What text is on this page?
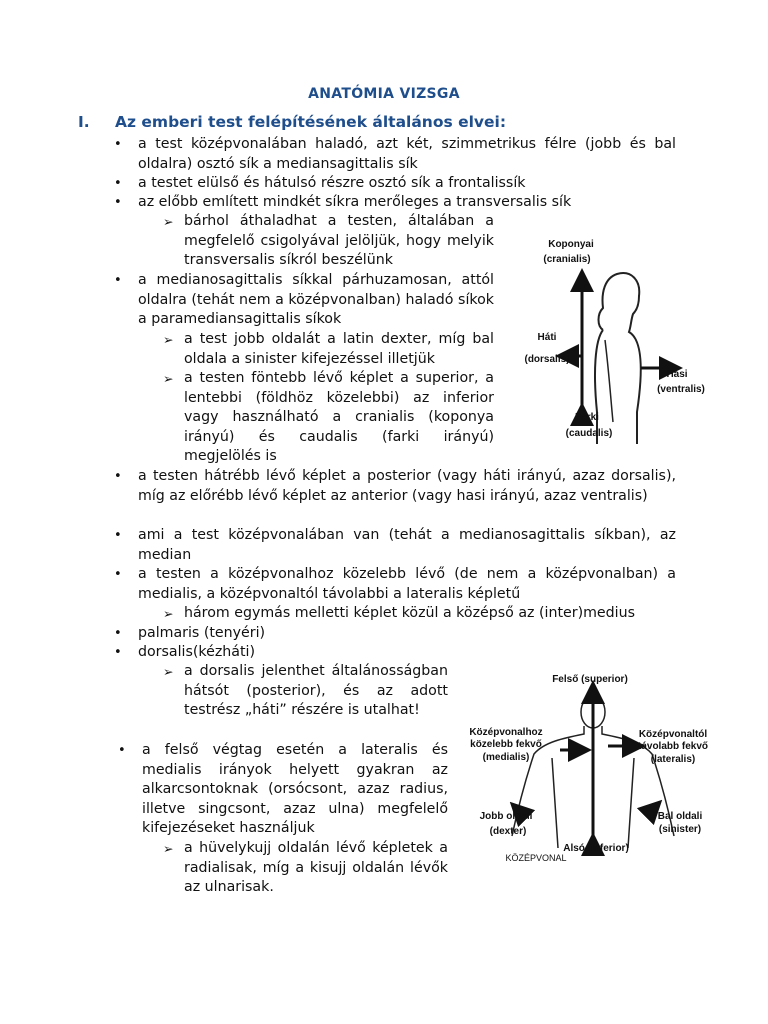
ANATÓMIA VIZSGA
I. Az emberi test felépítésének általános elvei:
• a test középvonalában haladó, azt két, szimmetrikus félre (jobb és bal oldalra) osztó sík a mediansagittalis sík
• a testet elülső és hátulsó részre osztó sík a frontalissík
• az előbb említett mindkét síkra merőleges a transversalis sík
➢ bárhol áthaladhat a testen, általában a megfelelő csigolyával jelöljük, hogy melyik transversalis síkról beszélünk
• a medianosagittalis síkkal párhuzamosan, attól oldalra (tehát nem a középvonalban) haladó síkok a paramediansagittalis síkok
➢ a test jobb oldalát a latin dexter, míg bal oldala a sinister kifejezéssel illetjük
➢ a testen föntebb lévő képlet a superior, a lentebbi (földhöz közelebbi) az inferior vagy használható a cranialis (koponya irányú) és caudalis (farki irányú) megjelölés is
• a testen hátrébb lévő képlet a posterior (vagy háti irányú, azaz dorsalis), míg az előrébb lévő képlet az anterior (vagy hasi irányú, azaz ventralis)
• ami a test középvonalában van (tehát a medianosagittalis síkban), az median
• a testen a középvonalhoz közelebb lévő (de nem a középvonalban) a medialis, a középvonaltól távolabbi a lateralis képletű
➢ három egymás melletti képlet közül a középső az (inter)medius
• palmaris (tenyéri)
• dorsalis(kézháti)
➢ a dorsalis jelenthet általánosságban hátsót (posterior), és az adott testrész „háti” részére is utalhat!
• a felső végtag esetén a lateralis és medialis irányok helyett gyakran az alkarcsontoknak (orsócsont, azaz radius, illetve singcsont, azaz ulna) megfelelő kifejezéseket használjuk
➢ a hüvelykujj oldalán lévő képletek a radialisak, míg a kisujj oldalán lévők az ulnarisak.
Koponyai
(cranialis)
Háti
(dorsalis)
Hasi
(ventralis)
Farki
(caudalis)
Felső (superior)
Középvonalhoz
közelebb fekvő
(medialis)
Középvonaltól
távolabb fekvő
(lateralis)
Jobb oldali
(dexter)
Bal oldali
(sinister)
Alsó (inferior)
KÖZÉPVONAL
